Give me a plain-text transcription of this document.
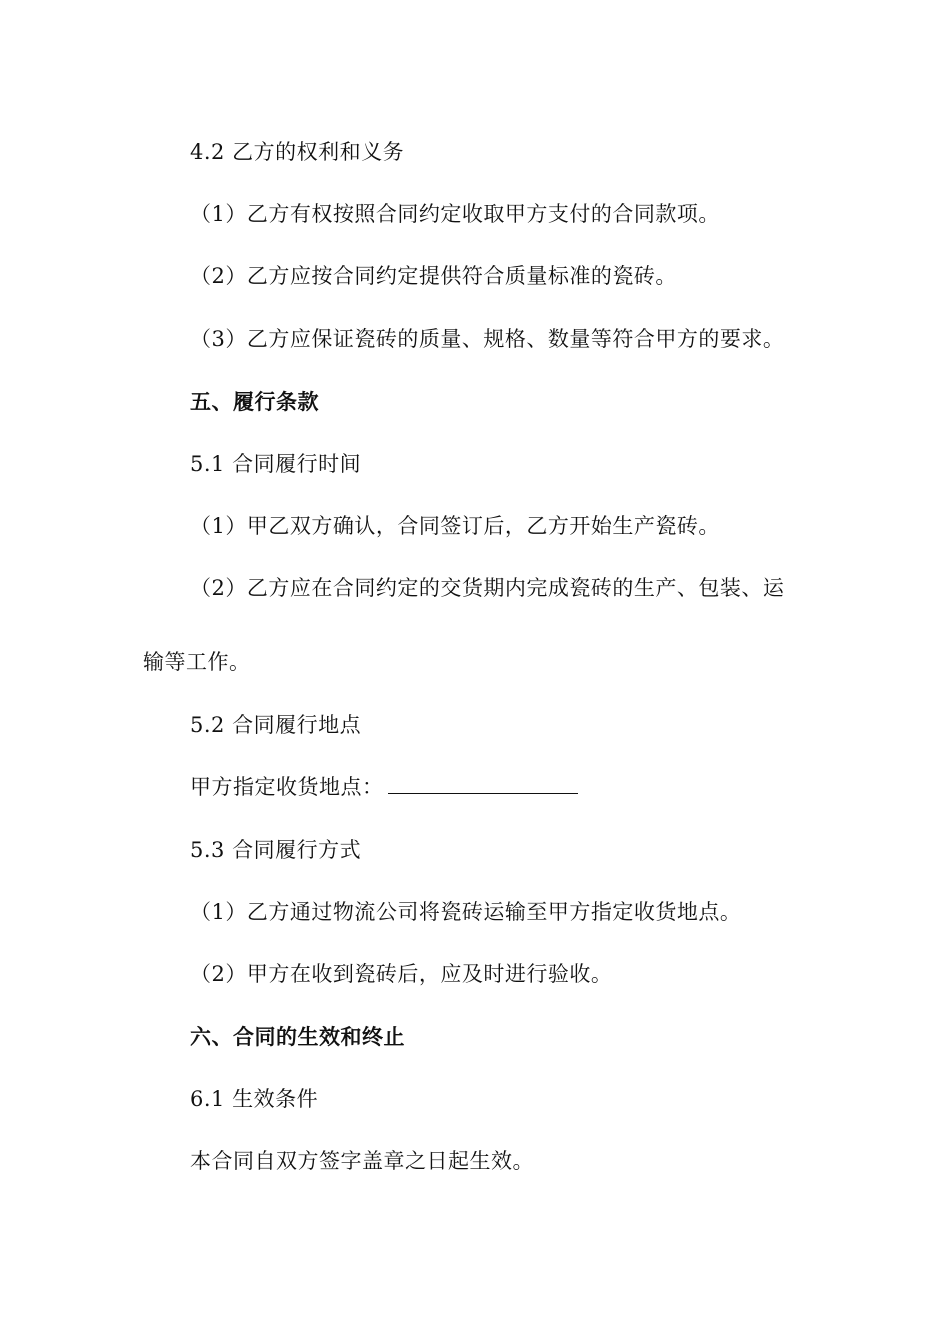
4.2 乙方的权利和义务
（1）乙方有权按照合同约定收取甲方支付的合同款项。
（2）乙方应按合同约定提供符合质量标准的瓷砖。
（3）乙方应保证瓷砖的质量、规格、数量等符合甲方的要求。
五、履行条款
5.1 合同履行时间
（1）甲乙双方确认，合同签订后，乙方开始生产瓷砖。
（2）乙方应在合同约定的交货期内完成瓷砖的生产、包装、运
输等工作。
5.2 合同履行地点
甲方指定收货地点：
5.3 合同履行方式
（1）乙方通过物流公司将瓷砖运输至甲方指定收货地点。
（2）甲方在收到瓷砖后，应及时进行验收。
六、合同的生效和终止
6.1 生效条件
本合同自双方签字盖章之日起生效。
